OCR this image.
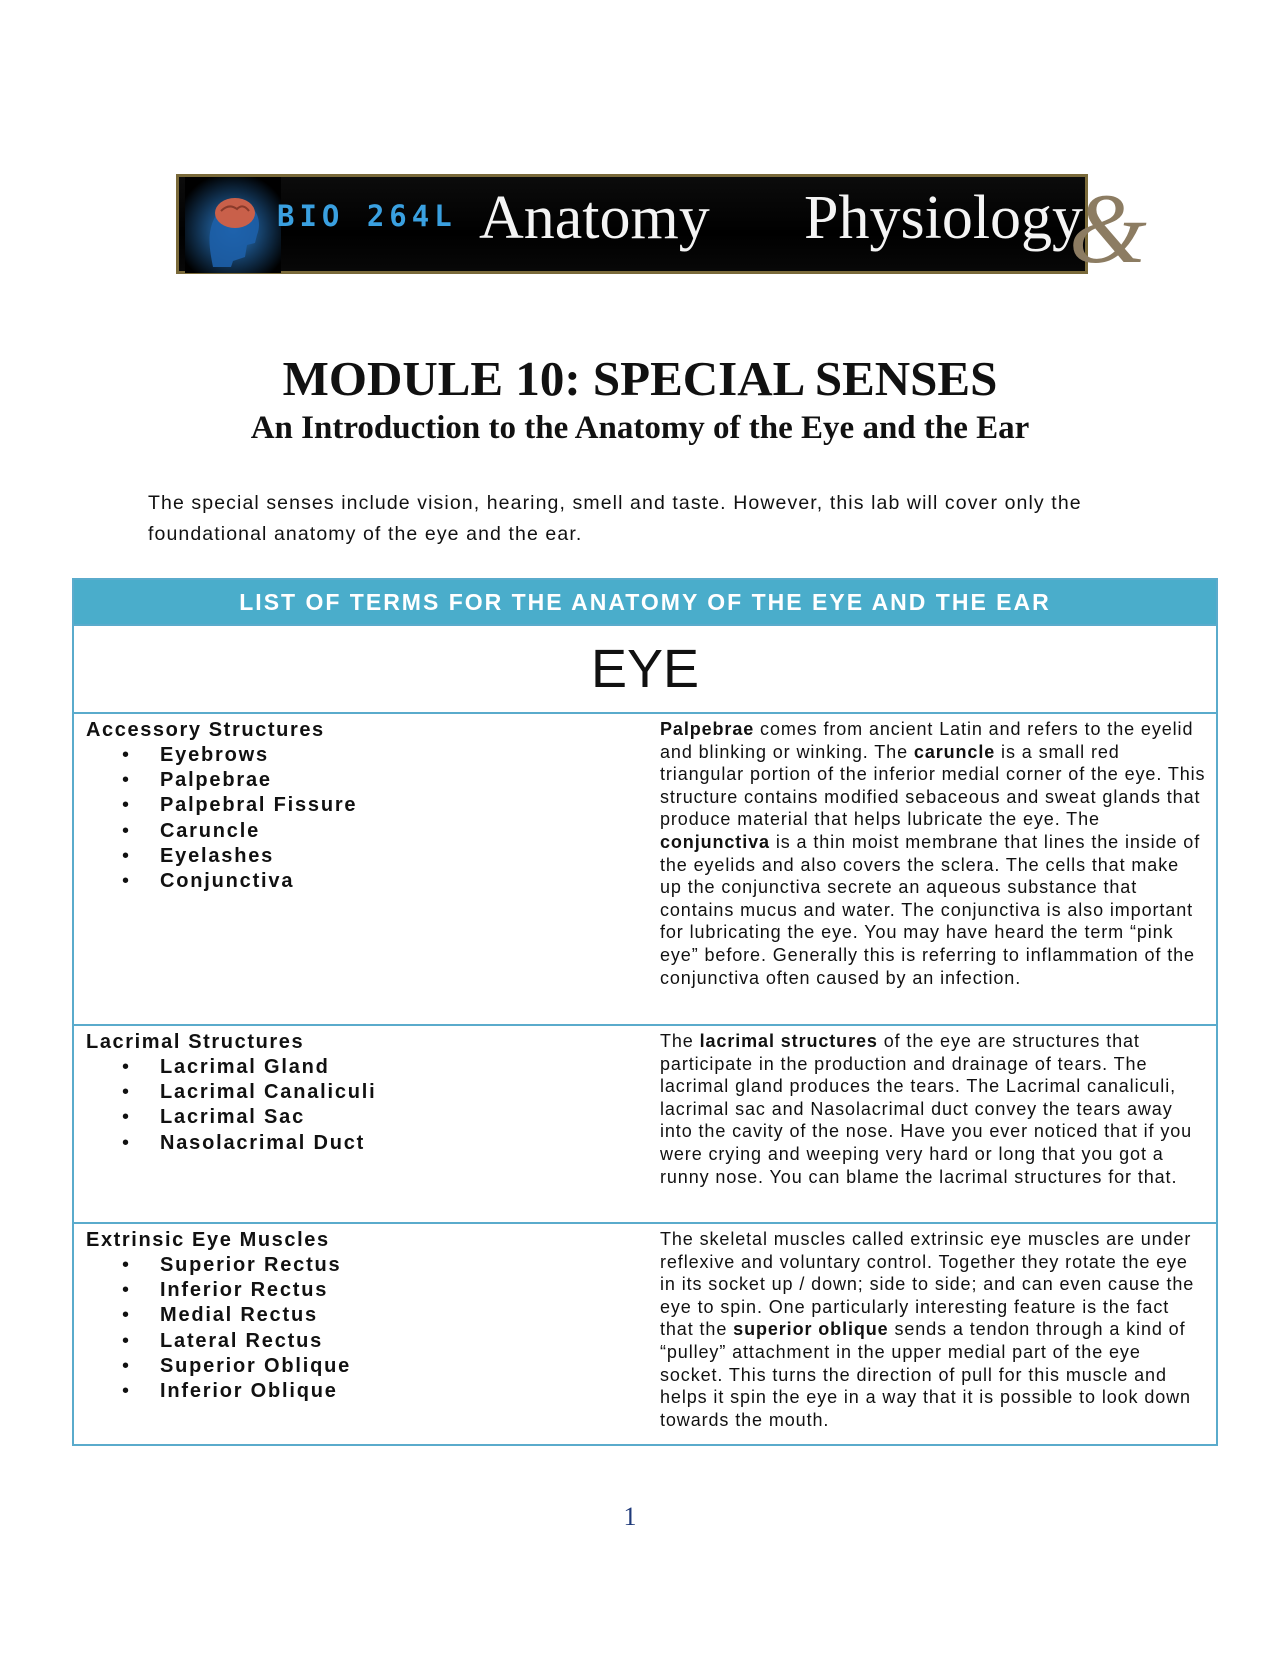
BIO 264L Anatomy	&
Physiology
MODULE 10: SPECIAL SENSES
An Introduction to the Anatomy of the Eye and the Ear
The special senses include vision, hearing, smell and taste. However, this lab will cover only the foundational anatomy of the eye and the ear.
LIST OF TERMS FOR THE ANATOMY OF THE EYE AND THE EAR
EYE
Accessory Structures
• Eyebrows
• Palpebrae
• Palpebral Fissure
• Caruncle
• Eyelashes
• Conjunctiva
Palpebrae comes from ancient Latin and refers to the eyelid and blinking or winking. The caruncle is a small red triangular portion of the inferior medial corner of the eye. This structure contains modified sebaceous and sweat glands that produce material that helps lubricate the eye. The conjunctiva is a thin moist membrane that lines the inside of the eyelids and also covers the sclera. The cells that make up the conjunctiva secrete an aqueous substance that contains mucus and water. The conjunctiva is also important for lubricating the eye. You may have heard the term “pink eye” before. Generally this is referring to inflammation of the conjunctiva often caused by an infection.
Lacrimal Structures
• Lacrimal Gland
• Lacrimal Canaliculi
• Lacrimal Sac
• Nasolacrimal Duct
The lacrimal structures of the eye are structures that participate in the production and drainage of tears. The lacrimal gland produces the tears. The Lacrimal canaliculi, lacrimal sac and Nasolacrimal duct convey the tears away into the cavity of the nose. Have you ever noticed that if you were crying and weeping very hard or long that you got a runny nose. You can blame the lacrimal structures for that.
Extrinsic Eye Muscles
• Superior Rectus
• Inferior Rectus
• Medial Rectus
• Lateral Rectus
• Superior Oblique
• Inferior Oblique
The skeletal muscles called extrinsic eye muscles are under reflexive and voluntary control. Together they rotate the eye in its socket up / down; side to side; and can even cause the eye to spin. One particularly interesting feature is the fact that the superior oblique sends a tendon through a kind of “pulley” attachment in the upper medial part of the eye socket. This turns the direction of pull for this muscle and helps it spin the eye in a way that it is possible to look down towards the mouth.
1
